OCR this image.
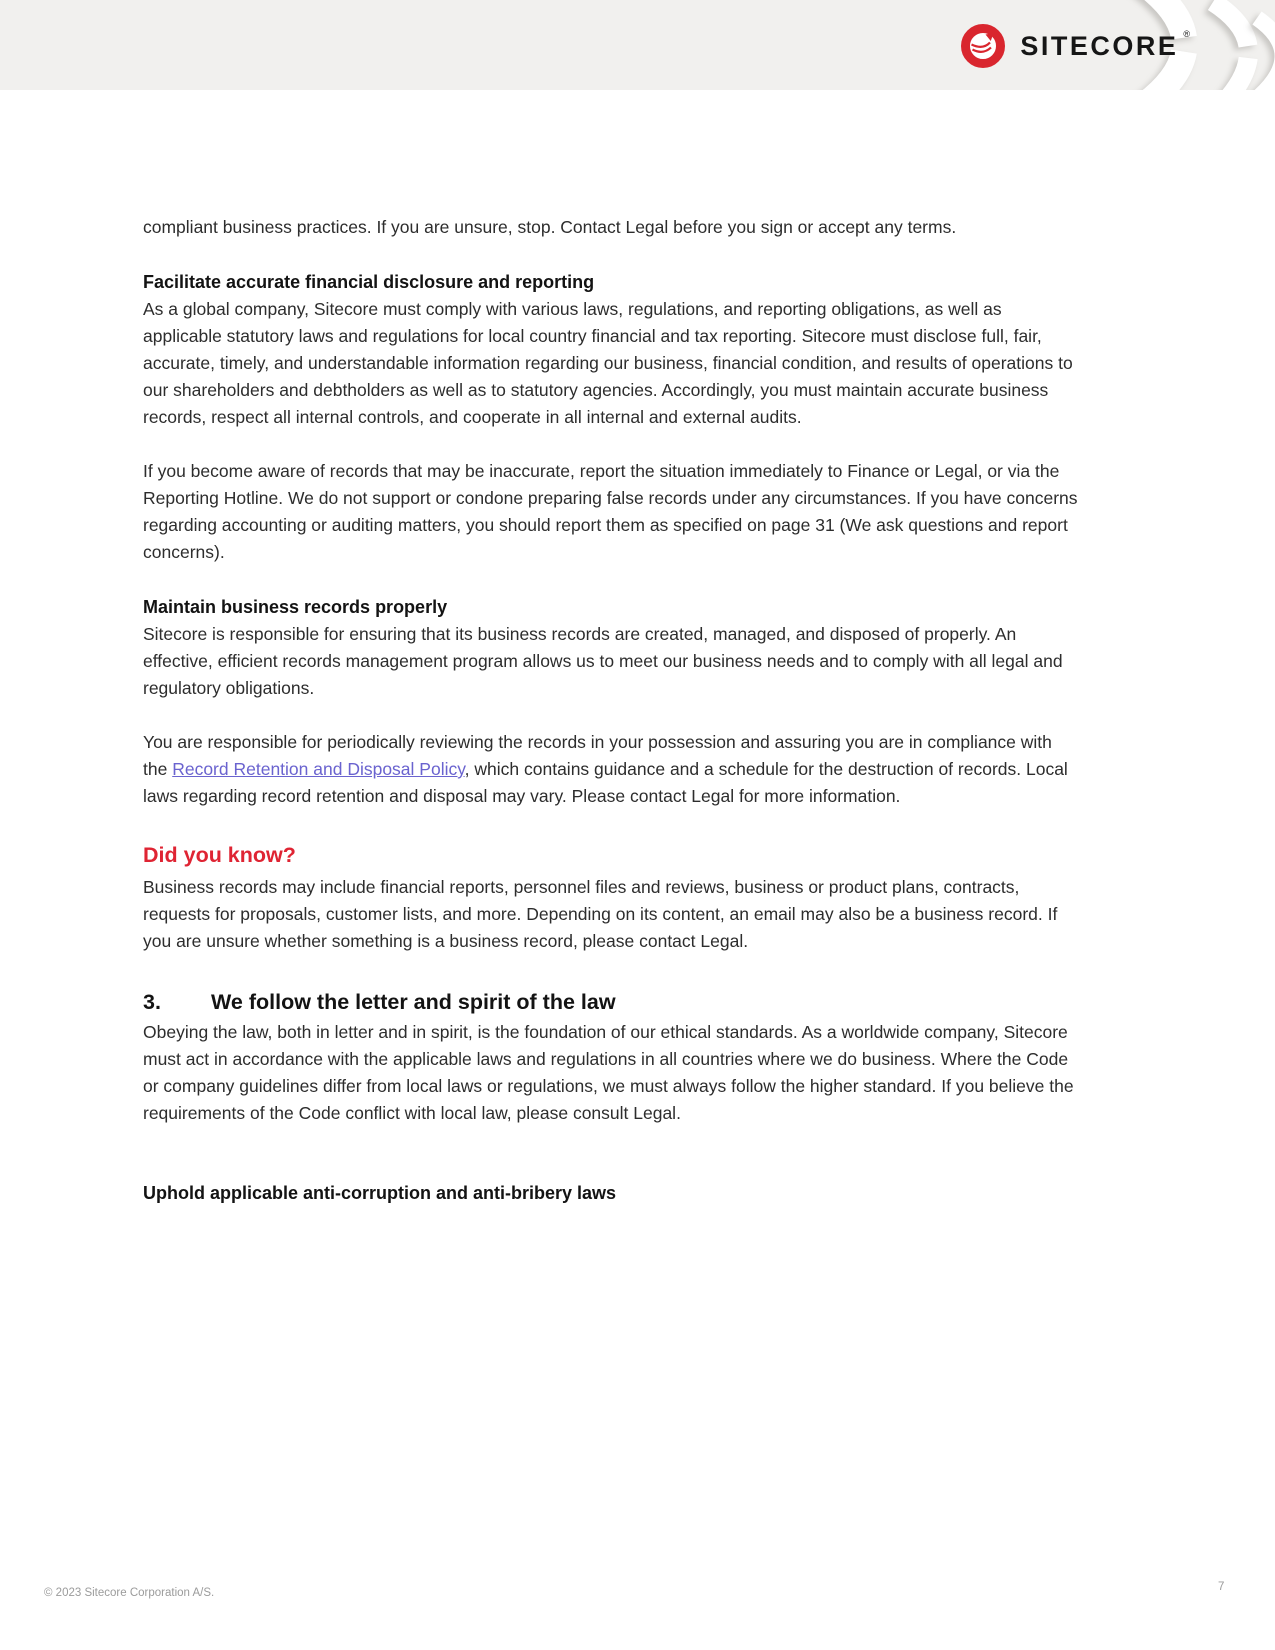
SITECORE ®

compliant business practices. If you are unsure, stop. Contact Legal before you sign or accept any terms.

Facilitate accurate financial disclosure and reporting

As a global company, Sitecore must comply with various laws, regulations, and reporting obligations, as well as applicable statutory laws and regulations for local country financial and tax reporting. Sitecore must disclose full, fair, accurate, timely, and understandable information regarding our business, financial condition, and results of operations to our shareholders and debtholders as well as to statutory agencies. Accordingly, you must maintain accurate business records, respect all internal controls, and cooperate in all internal and external audits.

If you become aware of records that may be inaccurate, report the situation immediately to Finance or Legal, or via the Reporting Hotline. We do not support or condone preparing false records under any circumstances. If you have concerns regarding accounting or auditing matters, you should report them as specified on page 31 (We ask questions and report concerns).

Maintain business records properly

Sitecore is responsible for ensuring that its business records are created, managed, and disposed of properly. An effective, efficient records management program allows us to meet our business needs and to comply with all legal and regulatory obligations.

You are responsible for periodically reviewing the records in your possession and assuring you are in compliance with the Record Retention and Disposal Policy, which contains guidance and a schedule for the destruction of records. Local laws regarding record retention and disposal may vary. Please contact Legal for more information.

Did you know?

Business records may include financial reports, personnel files and reviews, business or product plans, contracts, requests for proposals, customer lists, and more. Depending on its content, an email may also be a business record. If you are unsure whether something is a business record, please contact Legal.

3. We follow the letter and spirit of the law

Obeying the law, both in letter and in spirit, is the foundation of our ethical standards. As a worldwide company, Sitecore must act in accordance with the applicable laws and regulations in all countries where we do business. Where the Code or company guidelines differ from local laws or regulations, we must always follow the higher standard. If you believe the requirements of the Code conflict with local law, please consult Legal.

Uphold applicable anti-corruption and anti-bribery laws
© 2023 Sitecore Corporation A/S.	7
